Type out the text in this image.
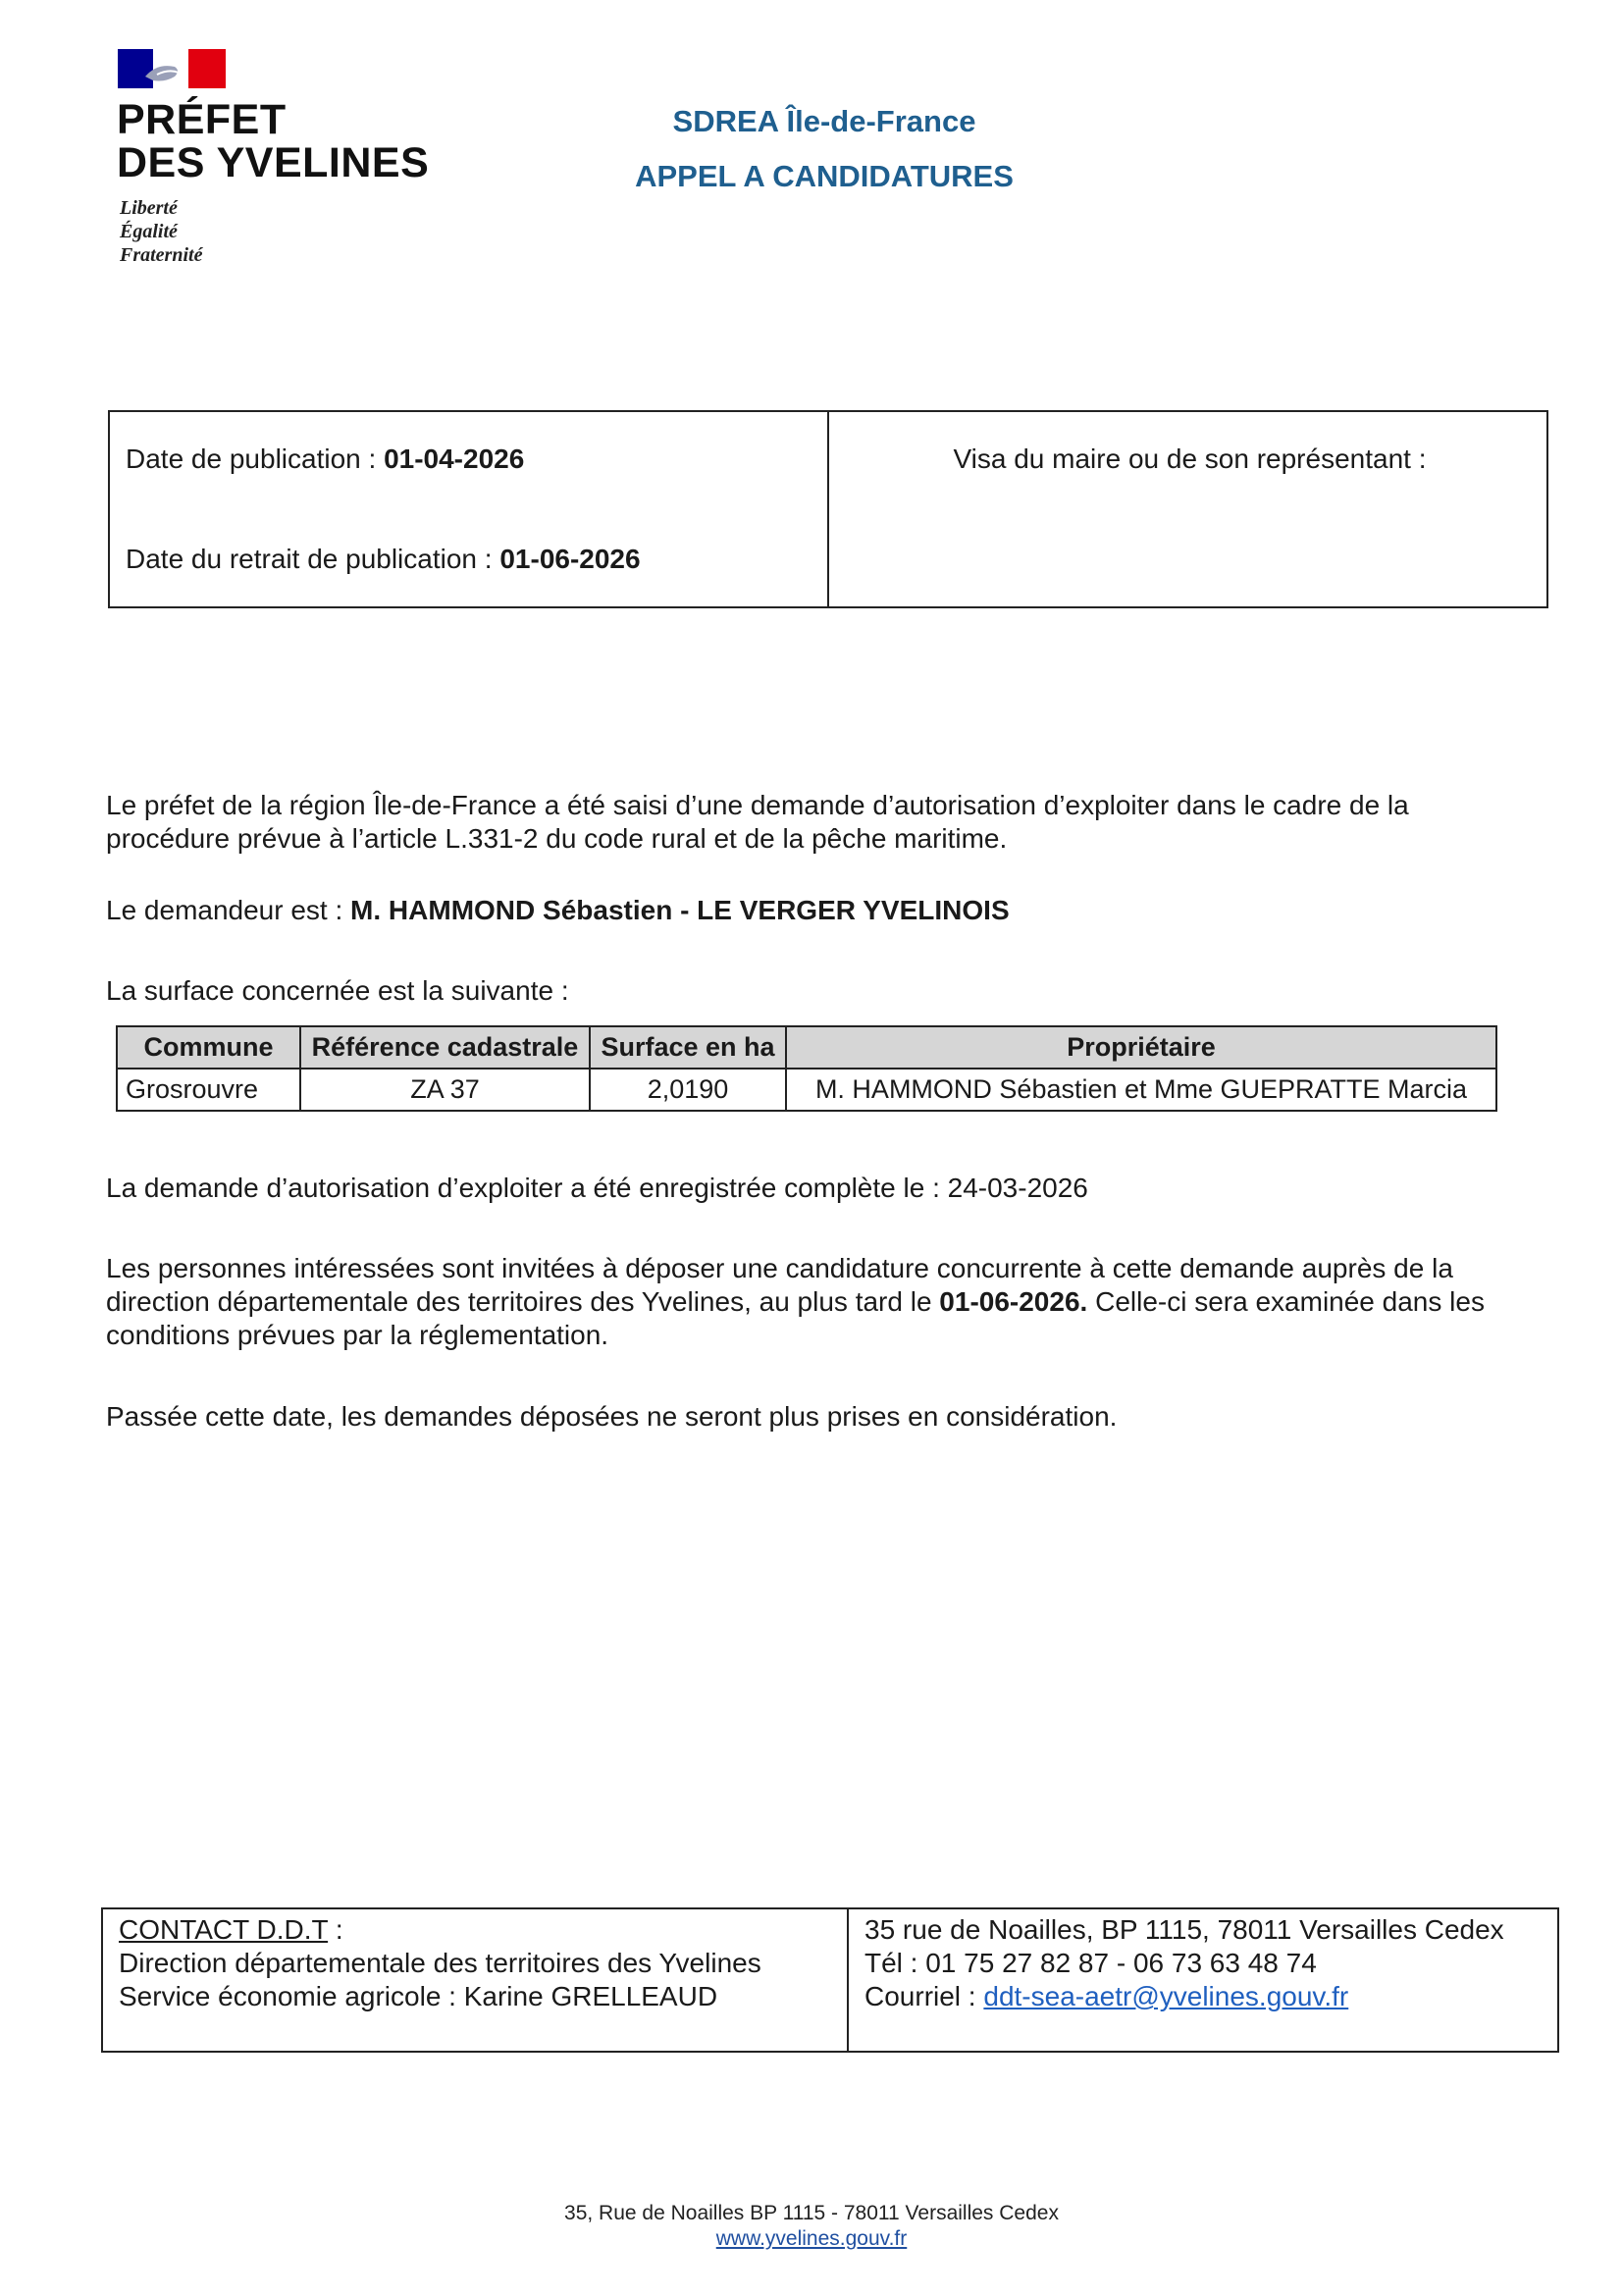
PRÉFET
DES YVELINES
Liberté
Égalité
Fraternité
SDREA Île-de-France
APPEL A CANDIDATURES
Date de publication : 01-04-2026
Date du retrait de publication : 01-06-2026
Visa du maire ou de son représentant :
Le préfet de la région Île-de-France a été saisi d’une demande d’autorisation d’exploiter dans le cadre de la procédure prévue à l’article L.331-2 du code rural et de la pêche maritime.
Le demandeur est : M. HAMMOND Sébastien - LE VERGER YVELINOIS
La surface concernée est la suivante :
Commune	Référence cadastrale	Surface en ha	Propriétaire
Grosrouvre	ZA 37	2,0190	M. HAMMOND Sébastien et Mme GUEPRATTE Marcia
La demande d’autorisation d’exploiter a été enregistrée complète le : 24-03-2026
Les personnes intéressées sont invitées à déposer une candidature concurrente à cette demande auprès de la direction départementale des territoires des Yvelines, au plus tard le 01-06-2026. Celle-ci sera examinée dans les conditions prévues par la réglementation.
Passée cette date, les demandes déposées ne seront plus prises en considération.
CONTACT D.D.T :
Direction départementale des territoires des Yvelines
Service économie agricole : Karine GRELLEAUD
35 rue de Noailles, BP 1115, 78011 Versailles Cedex
Tél : 01 75 27 82 87 - 06 73 63 48 74
Courriel : ddt-sea-aetr@yvelines.gouv.fr
35, Rue de Noailles BP 1115 - 78011 Versailles Cedex
www.yvelines.gouv.fr
